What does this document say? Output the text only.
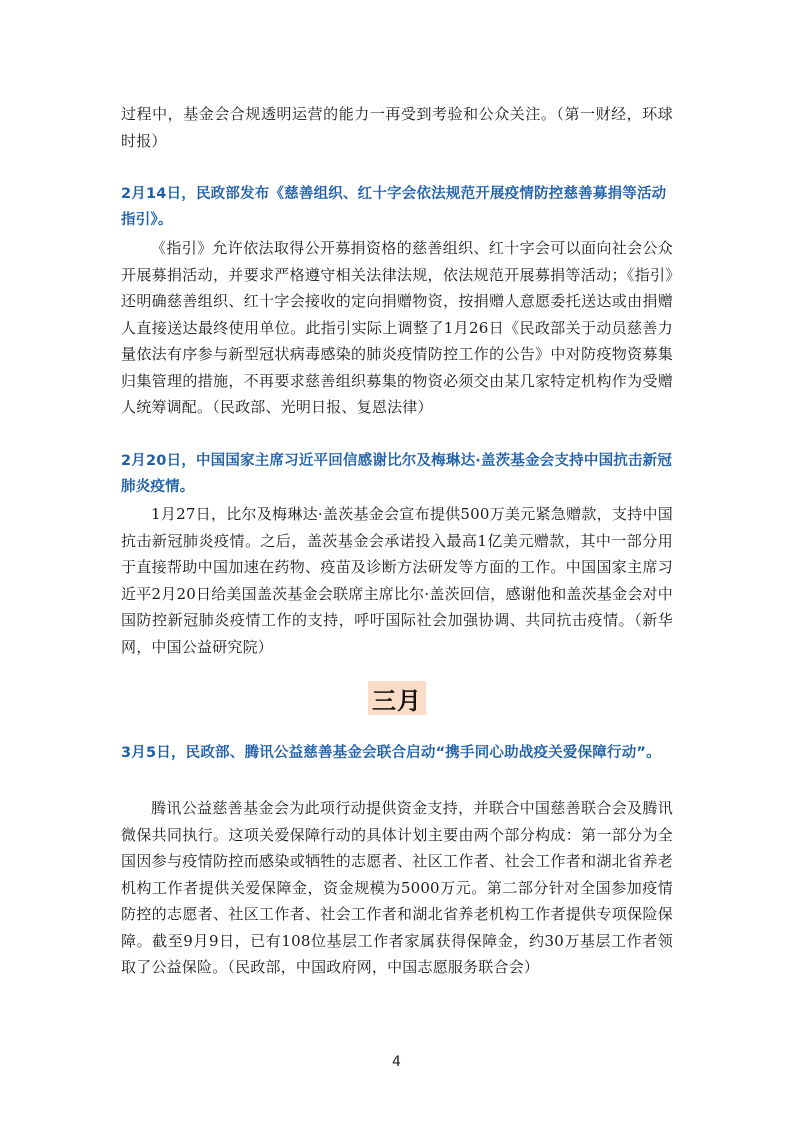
过程中，基金会合规透明运营的能力一再受到考验和公众关注。（第一财经，环球时报）

2月14日，民政部发布《慈善组织、红十字会依法规范开展疫情防控慈善募捐等活动指引》。

《指引》允许依法取得公开募捐资格的慈善组织、红十字会可以面向社会公众开展募捐活动，并要求严格遵守相关法律法规，依法规范开展募捐等活动；《指引》还明确慈善组织、红十字会接收的定向捐赠物资，按捐赠人意愿委托送达或由捐赠人直接送达最终使用单位。此指引实际上调整了1月26日《民政部关于动员慈善力量依法有序参与新型冠状病毒感染的肺炎疫情防控工作的公告》中对防疫物资募集归集管理的措施，不再要求慈善组织募集的物资必须交由某几家特定机构作为受赠人统筹调配。（民政部、光明日报、复恩法律）

2月20日，中国国家主席习近平回信感谢比尔及梅琳达·盖茨基金会支持中国抗击新冠肺炎疫情。

1月27日，比尔及梅琳达·盖茨基金会宣布提供500万美元紧急赠款，支持中国抗击新冠肺炎疫情。之后，盖茨基金会承诺投入最高1亿美元赠款，其中一部分用于直接帮助中国加速在药物、疫苗及诊断方法研发等方面的工作。中国国家主席习近平2月20日给美国盖茨基金会联席主席比尔·盖茨回信，感谢他和盖茨基金会对中国防控新冠肺炎疫情工作的支持，呼吁国际社会加强协调、共同抗击疫情。（新华网，中国公益研究院）

三月

3月5日，民政部、腾讯公益慈善基金会联合启动“携手同心助战疫关爱保障行动”。

腾讯公益慈善基金会为此项行动提供资金支持，并联合中国慈善联合会及腾讯微保共同执行。这项关爱保障行动的具体计划主要由两个部分构成：第一部分为全国因参与疫情防控而感染或牺牲的志愿者、社区工作者、社会工作者和湖北省养老机构工作者提供关爱保障金，资金规模为5000万元。第二部分针对全国参加疫情防控的志愿者、社区工作者、社会工作者和湖北省养老机构工作者提供专项保险保障。截至9月9日，已有108位基层工作者家属获得保障金，约30万基层工作者领取了公益保险。（民政部，中国政府网，中国志愿服务联合会）

4
